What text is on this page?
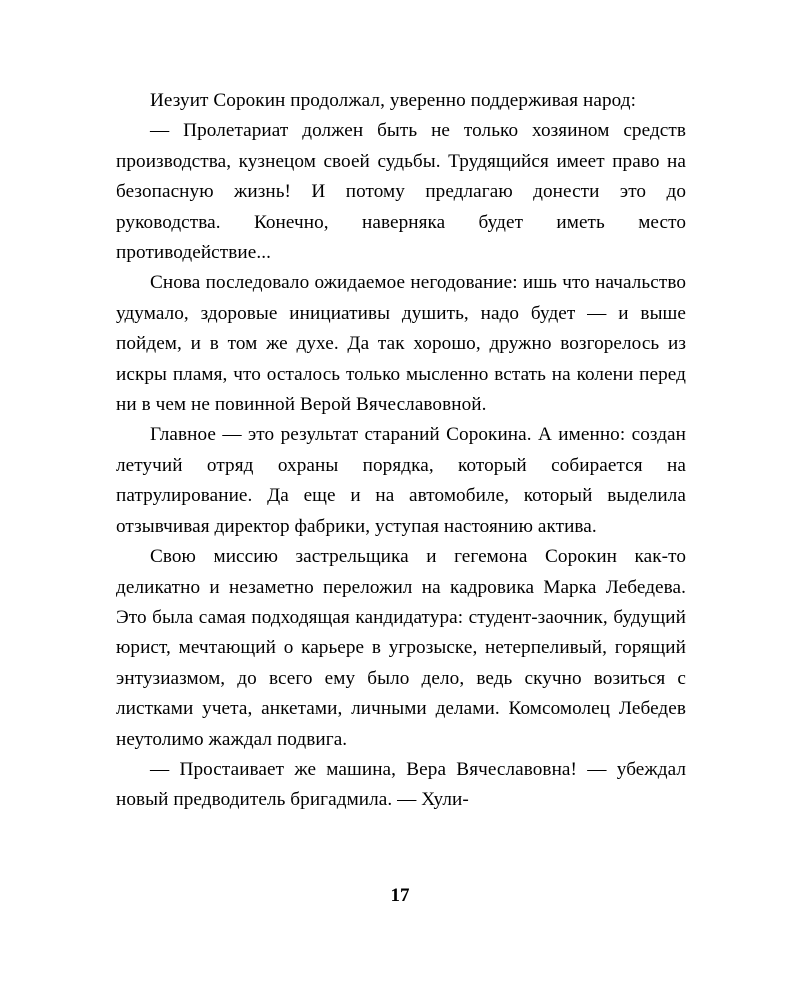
Иезуит Сорокин продолжал, уверенно поддерживая народ:

— Пролетариат должен быть не только хозяином средств производства, кузнецом своей судьбы. Трудящийся имеет право на безопасную жизнь! И потому предлагаю донести это до руководства. Конечно, наверняка будет иметь место противодействие...

Снова последовало ожидаемое негодование: ишь что начальство удумало, здоровые инициативы душить, надо будет — и выше пойдем, и в том же духе. Да так хорошо, дружно возгорелось из искры пламя, что осталось только мысленно встать на колени перед ни в чем не повинной Верой Вячеславовной.

Главное — это результат стараний Сорокина. А именно: создан летучий отряд охраны порядка, который собирается на патрулирование. Да еще и на автомобиле, который выделила отзывчивая директор фабрики, уступая настоянию актива.

Свою миссию застрельщика и гегемона Сорокин как-то деликатно и незаметно переложил на кадровика Марка Лебедева. Это была самая подходящая кандидатура: студент-заочник, будущий юрист, мечтающий о карьере в угрозыске, нетерпеливый, горящий энтузиазмом, до всего ему было дело, ведь скучно возиться с листками учета, анкетами, личными делами. Комсомолец Лебедев неутолимо жаждал подвига.

— Простаивает же машина, Вера Вячеславовна! — убеждал новый предводитель бригадмила. — Хули-

17
